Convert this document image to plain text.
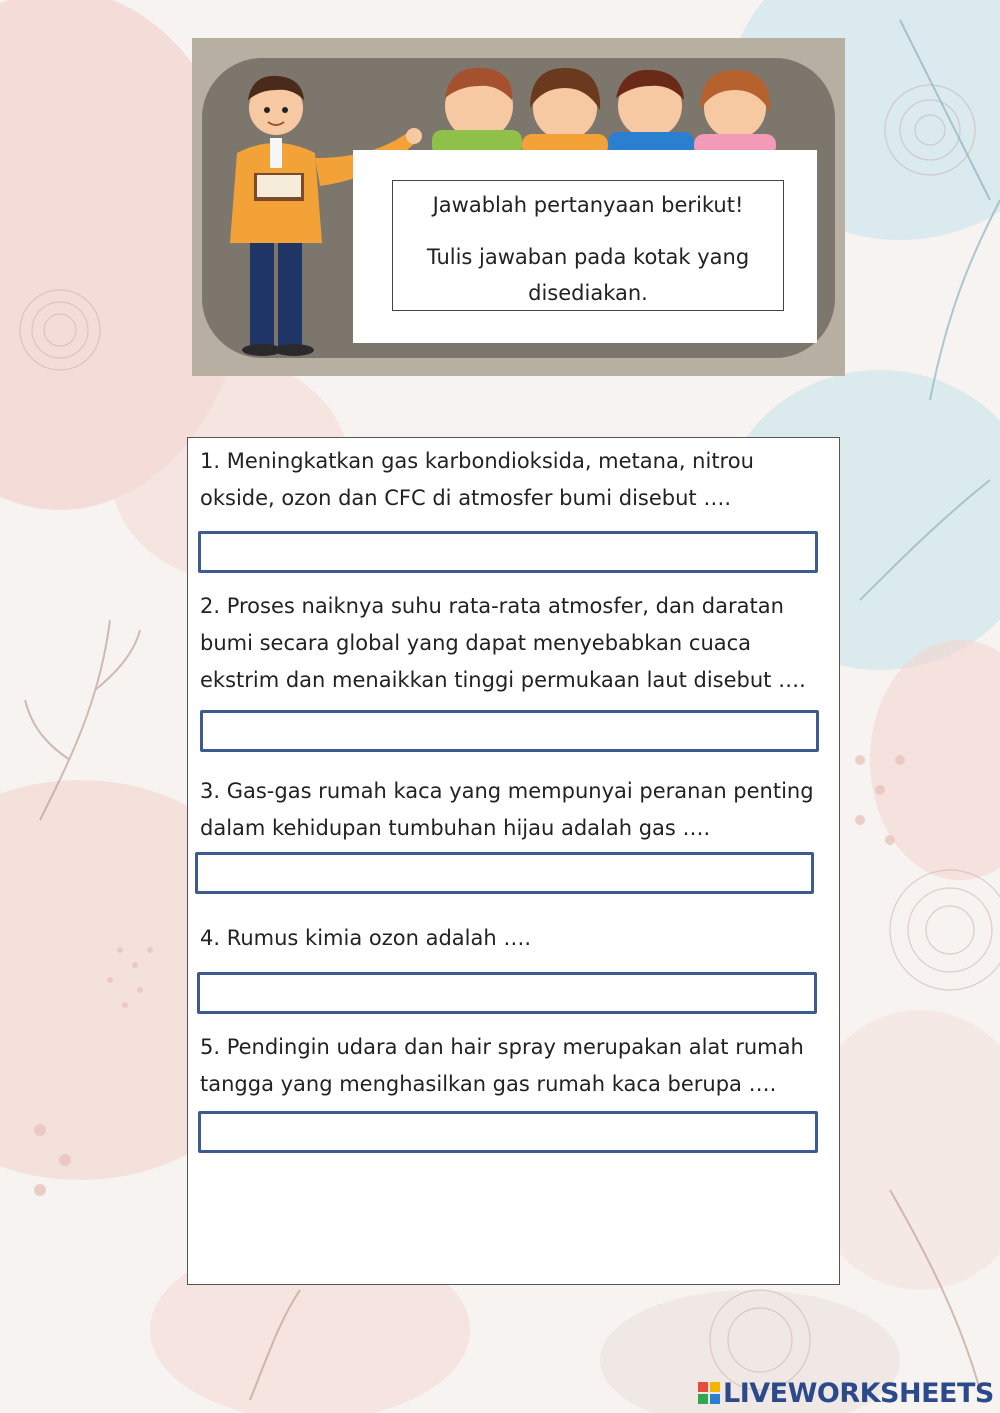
Jawablah pertanyaan berikut!

Tulis jawaban pada kotak yang disediakan.

1. Meningkatkan gas karbondioksida, metana, nitrou okside, ozon dan CFC di atmosfer bumi disebut ….
2. Proses naiknya suhu rata-rata atmosfer, dan daratan bumi secara global yang dapat menyebabkan cuaca ekstrim dan menaikkan tinggi permukaan laut disebut ….
3. Gas-gas rumah kaca yang mempunyai peranan penting dalam kehidupan tumbuhan hijau adalah gas ….
4. Rumus kimia ozon adalah ….
5. Pendingin udara dan hair spray merupakan alat rumah tangga yang menghasilkan gas rumah kaca berupa ….
LIVEWORKSHEETS
